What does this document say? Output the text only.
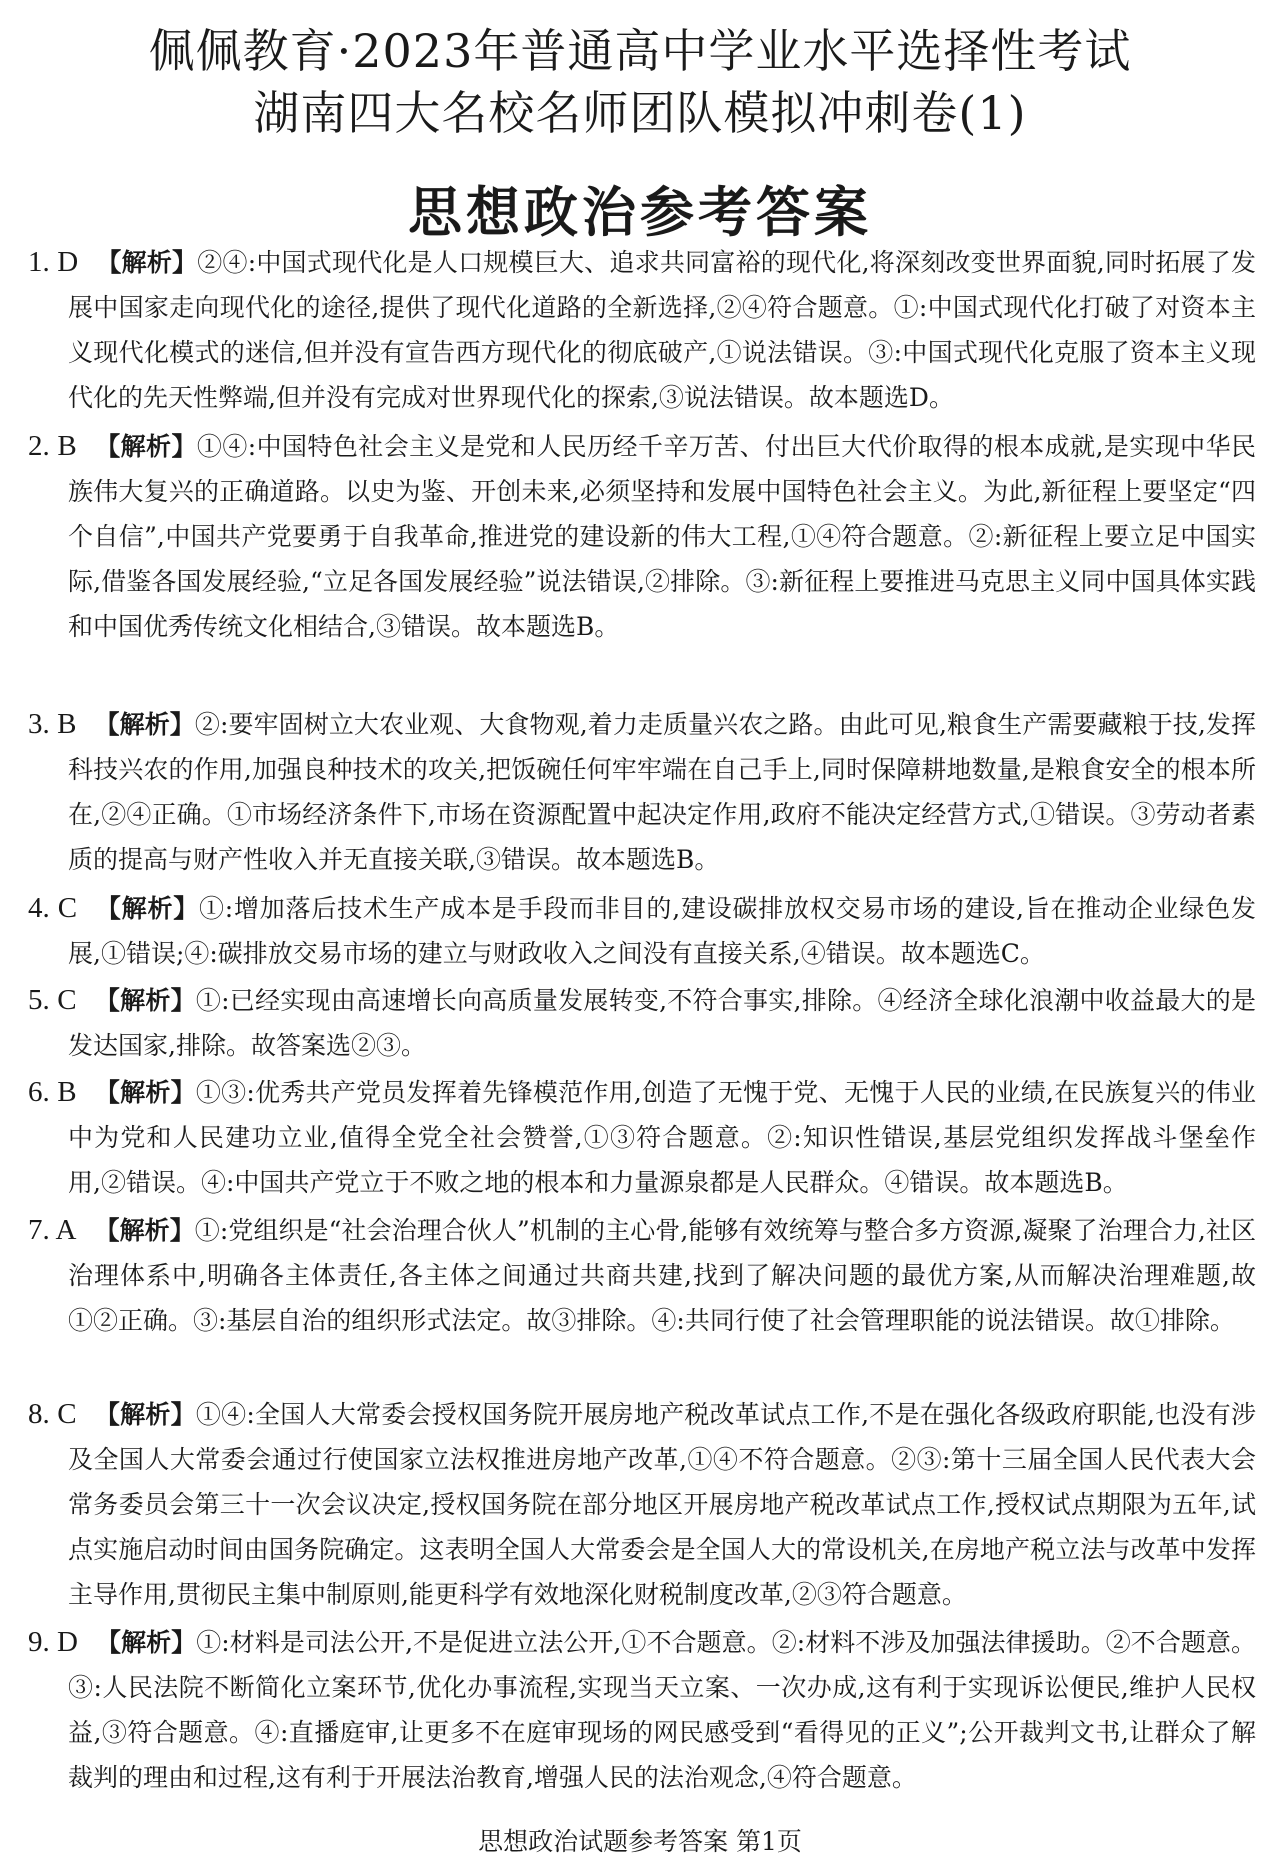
佩佩教育·2023年普通高中学业水平选择性考试
湖南四大名校名师团队模拟冲刺卷(1)
思想政治参考答案
1. D 【解析】②④:中国式现代化是人口规模巨大、追求共同富裕的现代化,将深刻改变世界面貌,同时拓展了发展中国家走向现代化的途径,提供了现代化道路的全新选择,②④符合题意。①:中国式现代化打破了对资本主义现代化模式的迷信,但并没有宣告西方现代化的彻底破产,①说法错误。③:中国式现代化克服了资本主义现代化的先天性弊端,但并没有完成对世界现代化的探索,③说法错误。故本题选D。
2. B 【解析】①④:中国特色社会主义是党和人民历经千辛万苦、付出巨大代价取得的根本成就,是实现中华民族伟大复兴的正确道路。以史为鉴、开创未来,必须坚持和发展中国特色社会主义。为此,新征程上要坚定“四个自信”,中国共产党要勇于自我革命,推进党的建设新的伟大工程,①④符合题意。②:新征程上要立足中国实际,借鉴各国发展经验,“立足各国发展经验”说法错误,②排除。③:新征程上要推进马克思主义同中国具体实践和中国优秀传统文化相结合,③错误。故本题选B。
3. B 【解析】②:要牢固树立大农业观、大食物观,着力走质量兴农之路。由此可见,粮食生产需要藏粮于技,发挥科技兴农的作用,加强良种技术的攻关,把饭碗任何牢牢端在自己手上,同时保障耕地数量,是粮食安全的根本所在,②④正确。①市场经济条件下,市场在资源配置中起决定作用,政府不能决定经营方式,①错误。③劳动者素质的提高与财产性收入并无直接关联,③错误。故本题选B。
4. C 【解析】①:增加落后技术生产成本是手段而非目的,建设碳排放权交易市场的建设,旨在推动企业绿色发展,①错误;④:碳排放交易市场的建立与财政收入之间没有直接关系,④错误。故本题选C。
5. C 【解析】①:已经实现由高速增长向高质量发展转变,不符合事实,排除。④经济全球化浪潮中收益最大的是发达国家,排除。故答案选②③。
6. B 【解析】①③:优秀共产党员发挥着先锋模范作用,创造了无愧于党、无愧于人民的业绩,在民族复兴的伟业中为党和人民建功立业,值得全党全社会赞誉,①③符合题意。②:知识性错误,基层党组织发挥战斗堡垒作用,②错误。④:中国共产党立于不败之地的根本和力量源泉都是人民群众。④错误。故本题选B。
7. A 【解析】①:党组织是“社会治理合伙人”机制的主心骨,能够有效统筹与整合多方资源,凝聚了治理合力,社区治理体系中,明确各主体责任,各主体之间通过共商共建,找到了解决问题的最优方案,从而解决治理难题,故①②正确。③:基层自治的组织形式法定。故③排除。④:共同行使了社会管理职能的说法错误。故①排除。
8. C 【解析】①④:全国人大常委会授权国务院开展房地产税改革试点工作,不是在强化各级政府职能,也没有涉及全国人大常委会通过行使国家立法权推进房地产改革,①④不符合题意。②③:第十三届全国人民代表大会常务委员会第三十一次会议决定,授权国务院在部分地区开展房地产税改革试点工作,授权试点期限为五年,试点实施启动时间由国务院确定。这表明全国人大常委会是全国人大的常设机关,在房地产税立法与改革中发挥主导作用,贯彻民主集中制原则,能更科学有效地深化财税制度改革,②③符合题意。
9. D 【解析】①:材料是司法公开,不是促进立法公开,①不合题意。②:材料不涉及加强法律援助。②不合题意。③:人民法院不断简化立案环节,优化办事流程,实现当天立案、一次办成,这有利于实现诉讼便民,维护人民权益,③符合题意。④:直播庭审,让更多不在庭审现场的网民感受到“看得见的正义”;公开裁判文书,让群众了解裁判的理由和过程,这有利于开展法治教育,增强人民的法治观念,④符合题意。
思想政治试题参考答案 第1页
